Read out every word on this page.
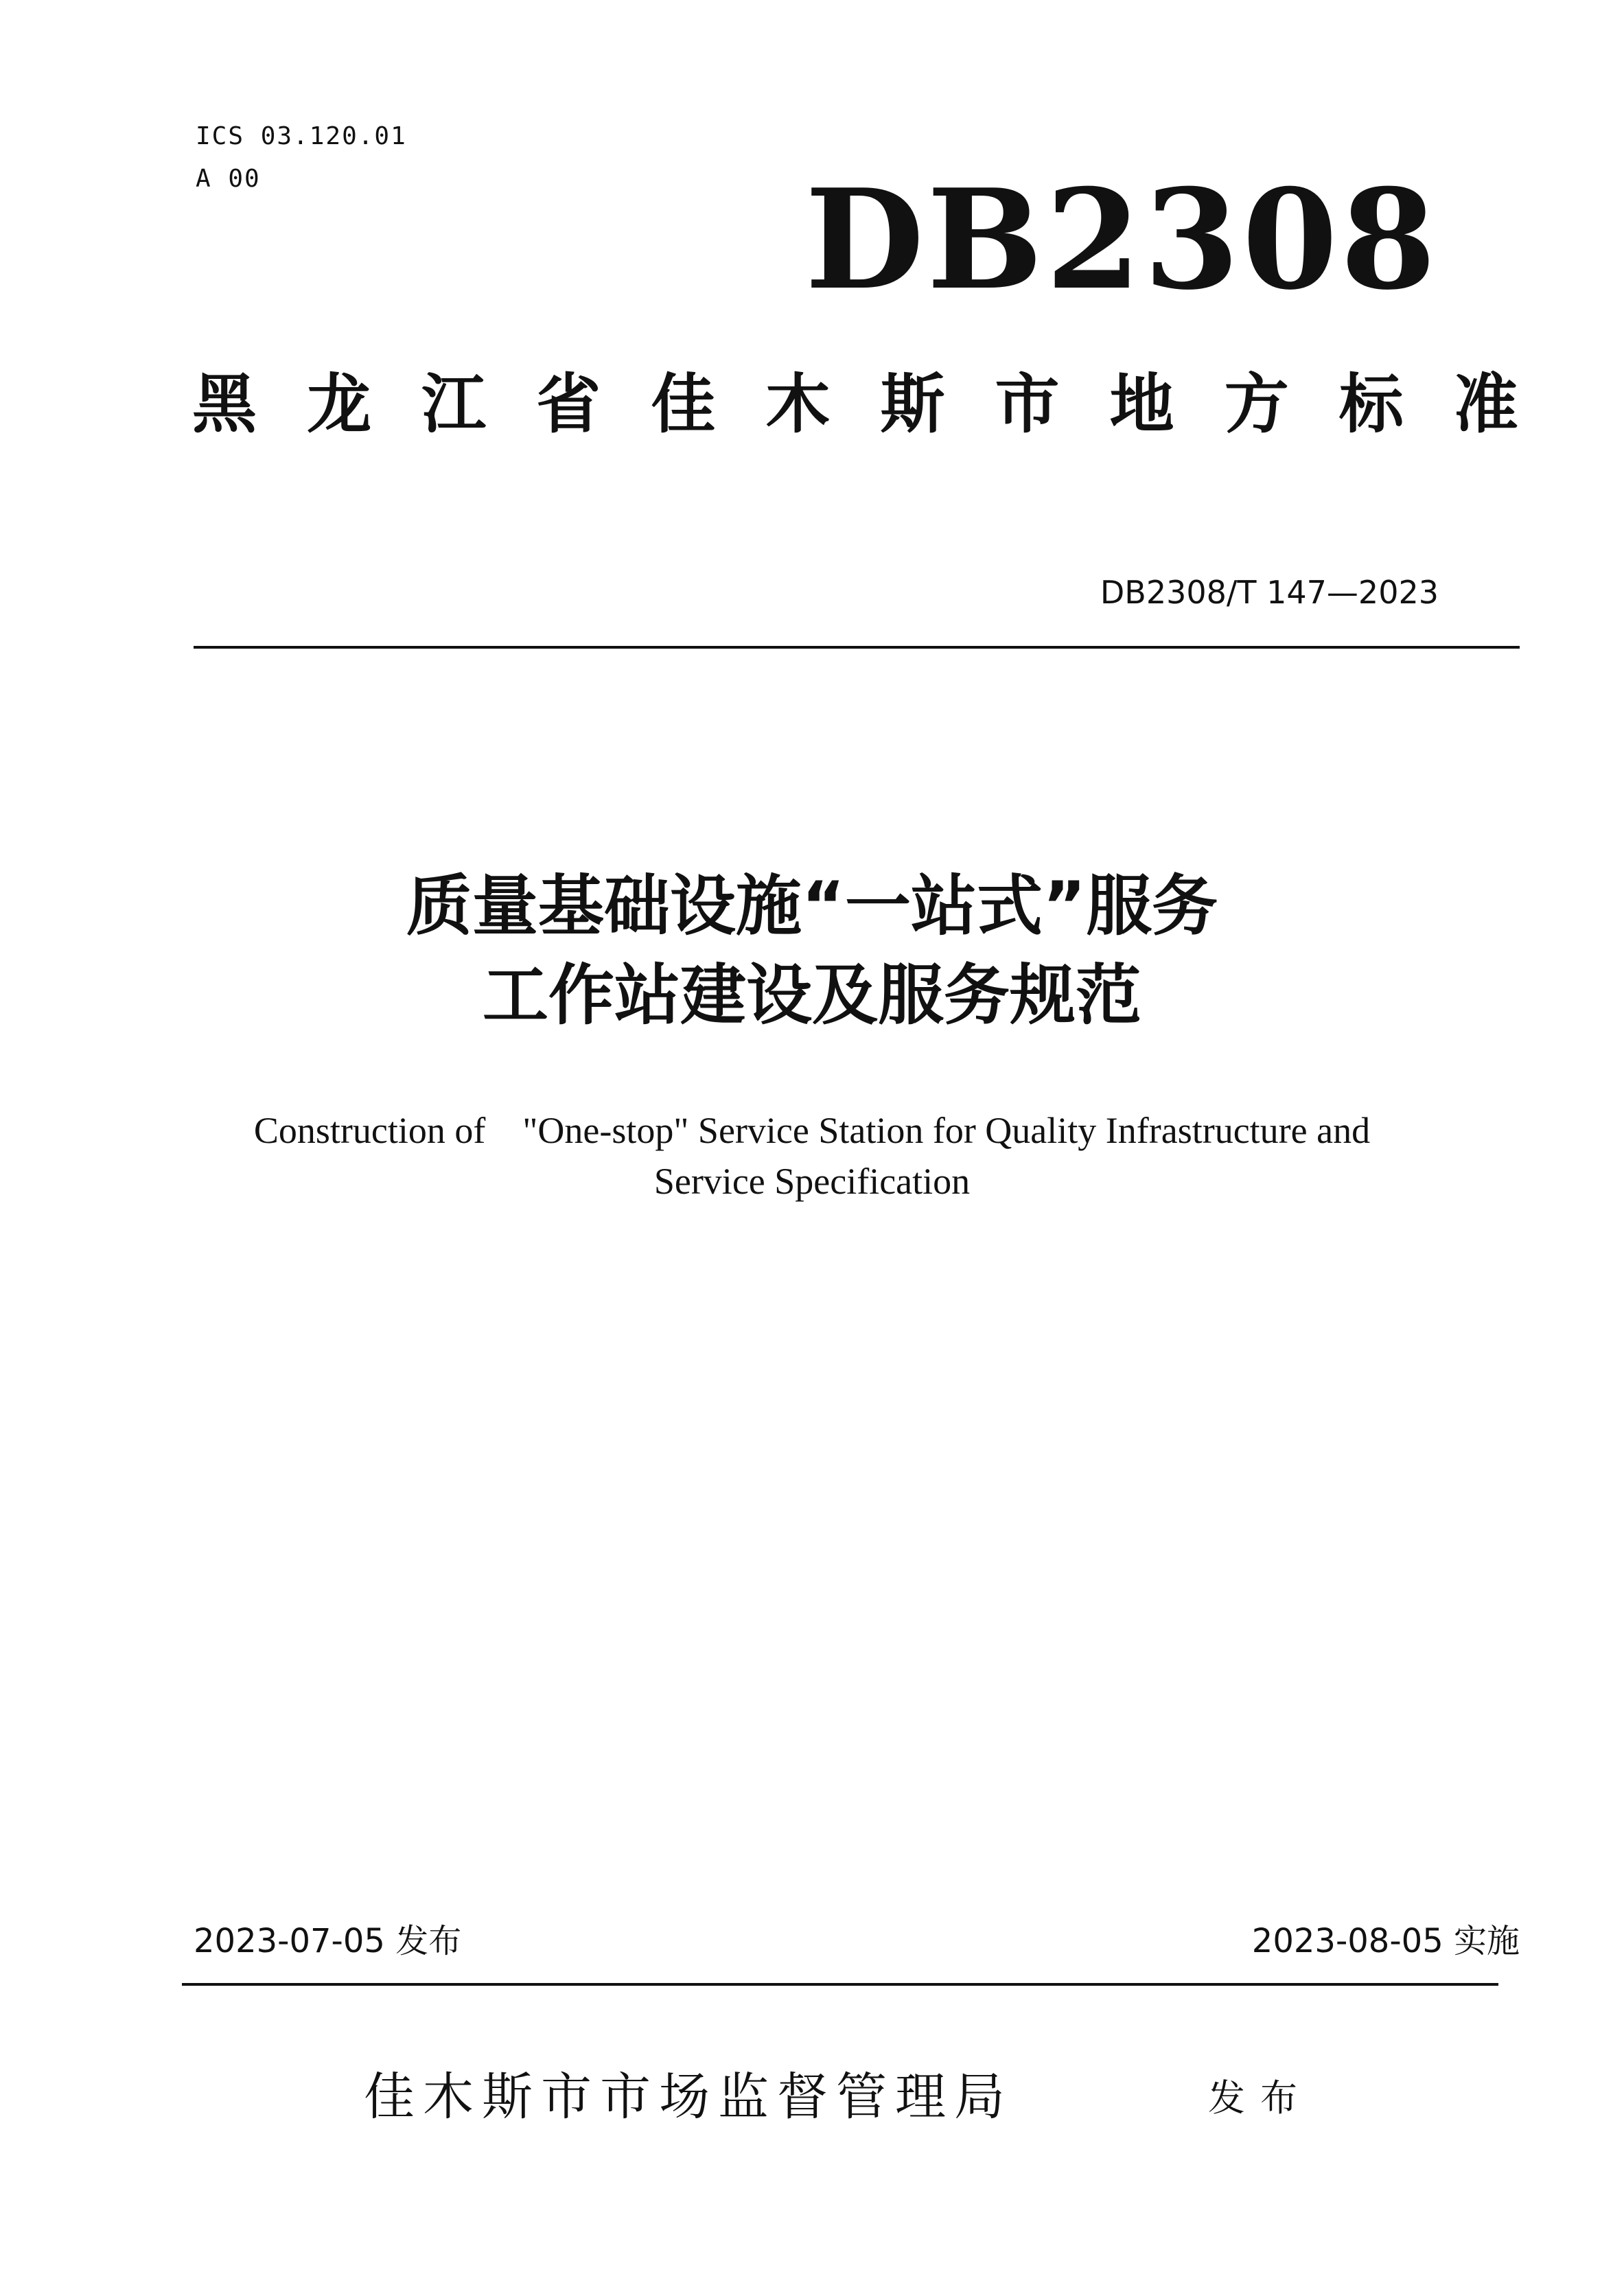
ICS 03.120.01
A 00	DB2308
黑 龙 江 省 佳 木 斯 市 地 方 标 准
DB2308/T 147—2023
质量基础设施“一站式”服务
工作站建设及服务规范
Construction of    "One-stop" Service Station for Quality Infrastructure and
Service Specification
2023-07-05 发布	2023-08-05 实施
佳木斯市市场监督管理局	发布
